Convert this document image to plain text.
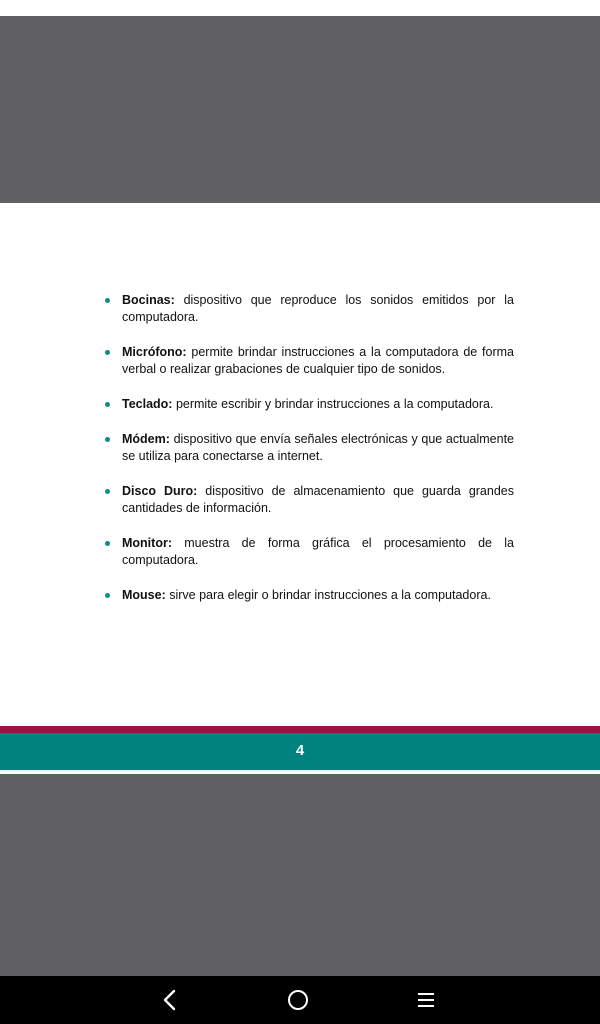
Bocinas: dispositivo que reproduce los sonidos emitidos por la computadora.
Micrófono: permite brindar instrucciones a la computadora de forma verbal o realizar grabaciones de cualquier tipo de sonidos.
Teclado: permite escribir y brindar instrucciones a la computadora.
Módem: dispositivo que envía señales electrónicas y que actualmente se utiliza para conectarse a internet.
Disco Duro: dispositivo de almacenamiento que guarda grandes cantidades de información.
Monitor: muestra de forma gráfica el procesamiento de la computadora.
Mouse: sirve para elegir o brindar instrucciones a la computadora.
4
